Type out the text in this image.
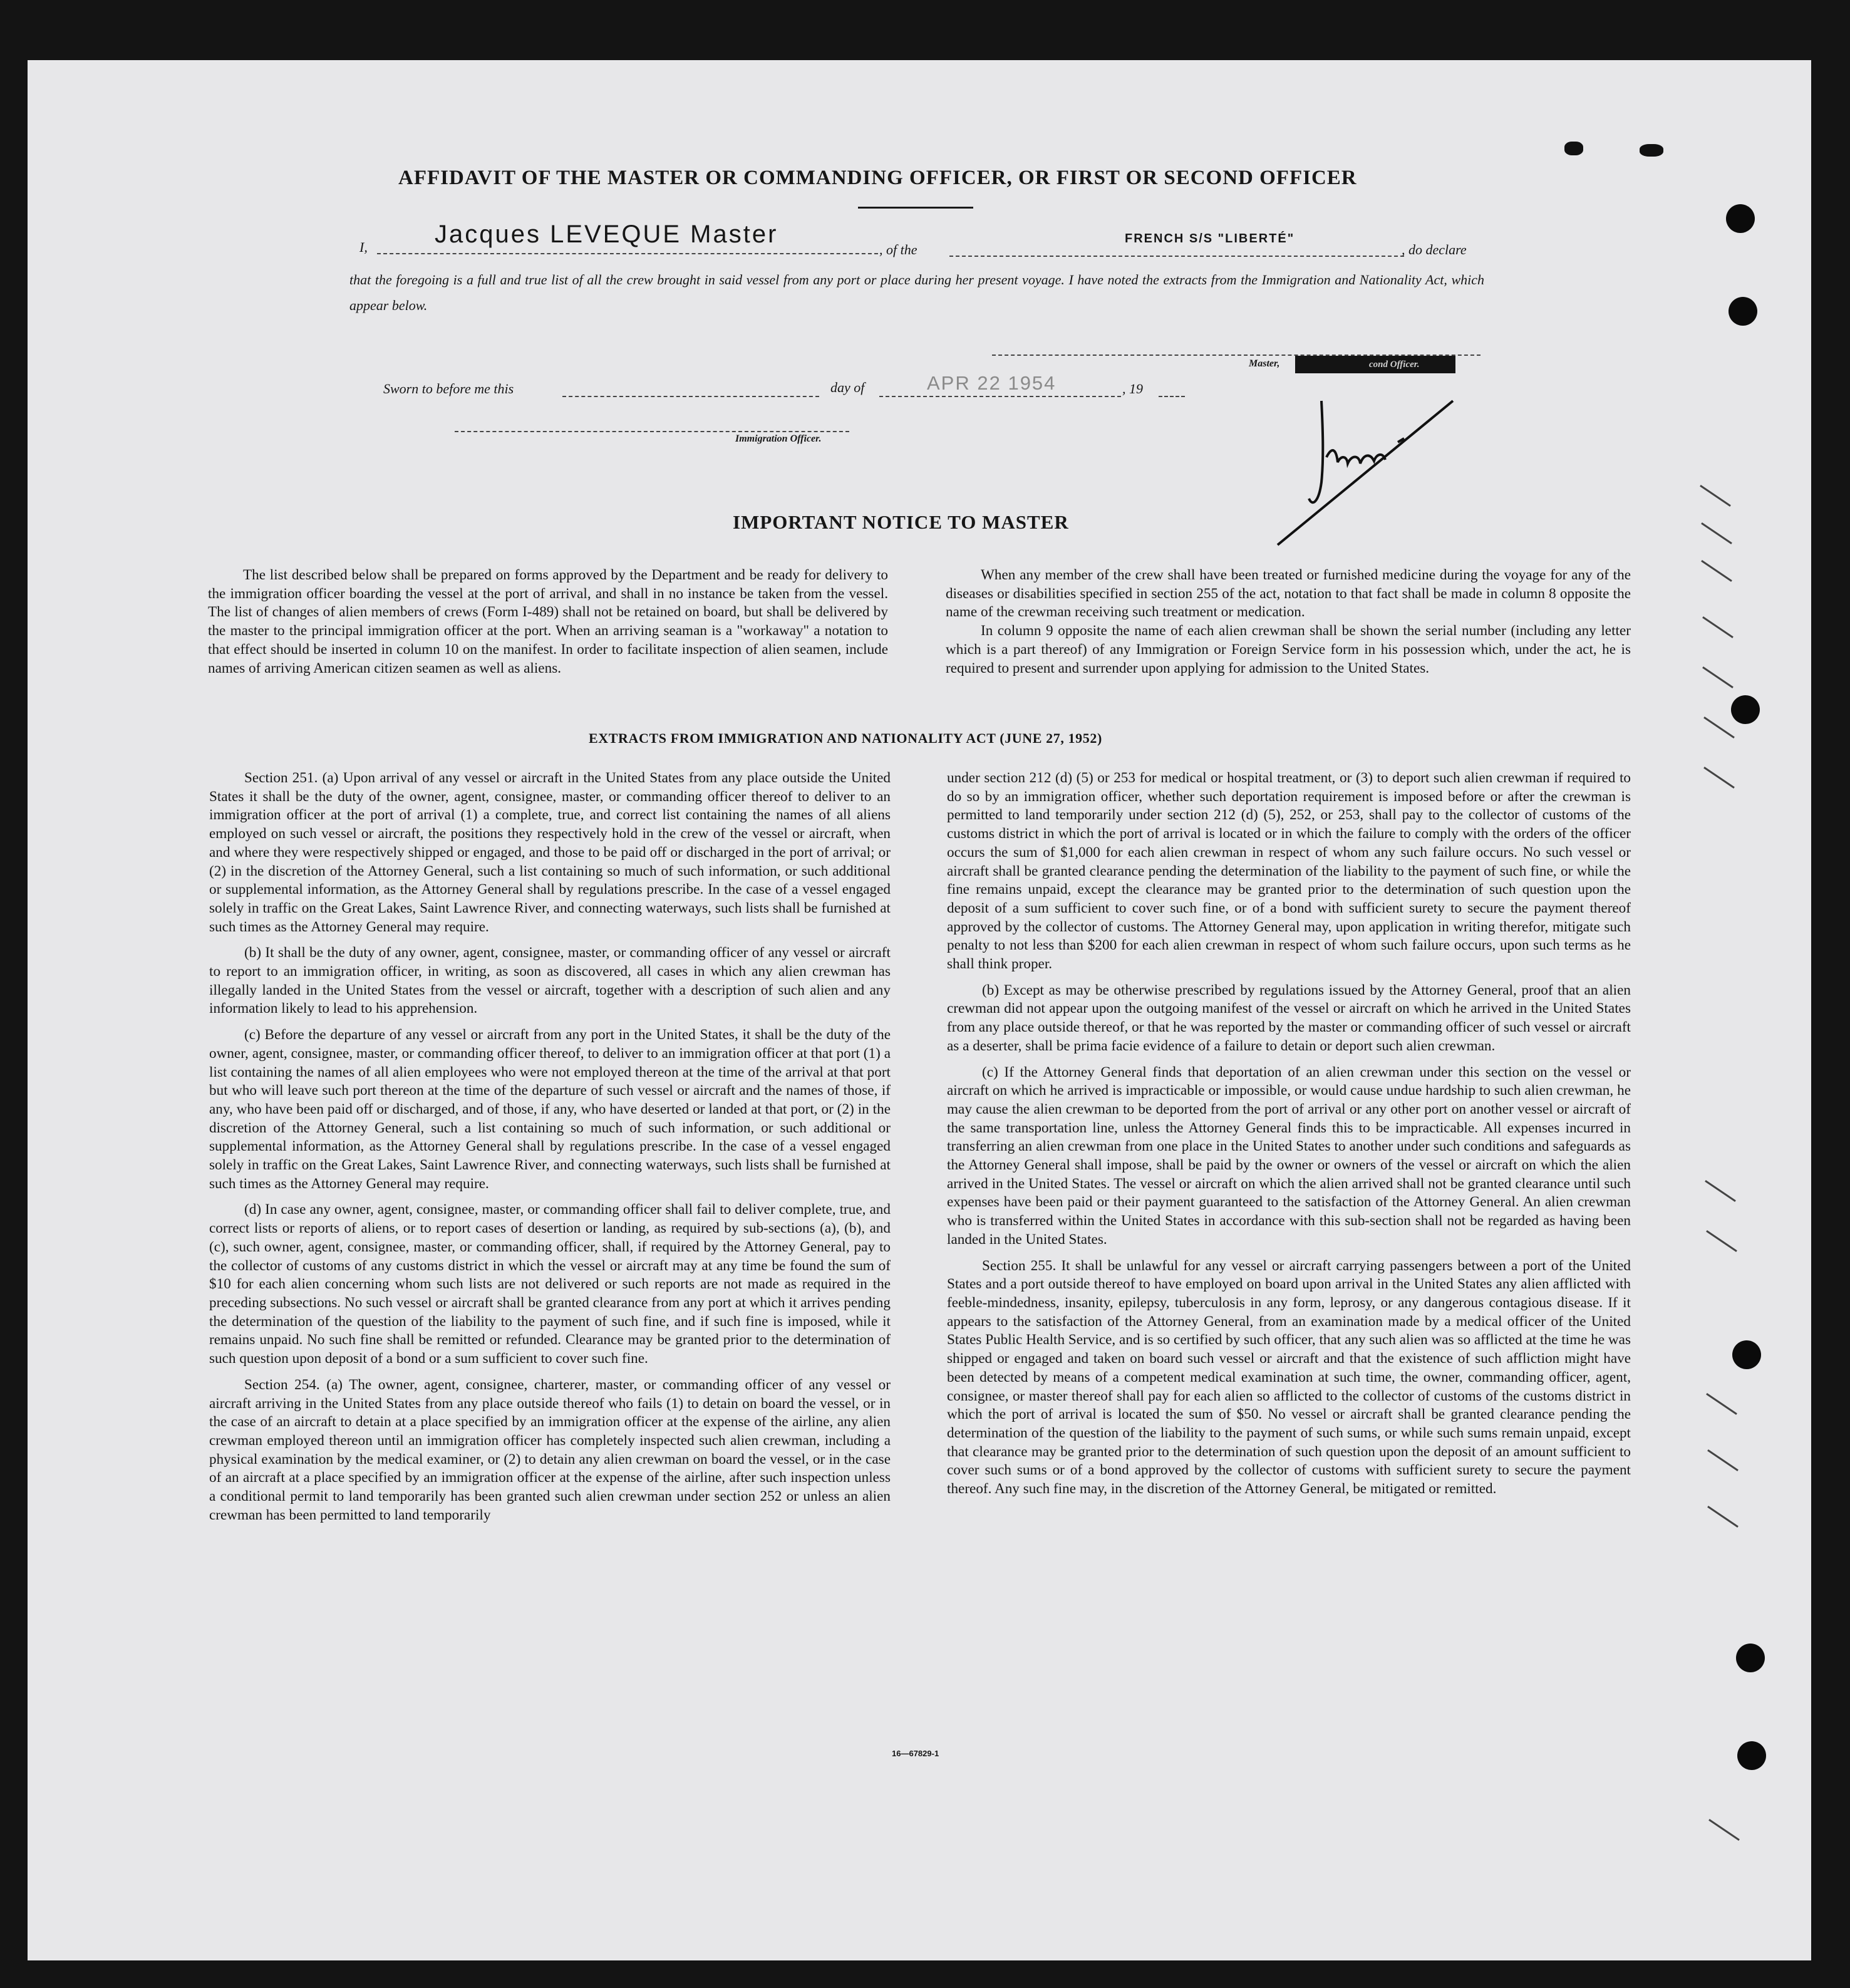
AFFIDAVIT OF THE MASTER OR COMMANDING OFFICER, OR FIRST OR SECOND OFFICER
I,	Jacques LEVEQUE Master
, of the
FRENCH S/S "LIBERTÉ"
, do declare
that the foregoing is a full and true list of all the crew brought in said vessel from any port or place during her present voyage. I have noted the extracts from the Immigration and Nationality Act, which appear below.
Master,	cond Officer.
Sworn to before me this	day of	APR 22 1954	, 19
Immigration Officer.
IMPORTANT NOTICE TO MASTER

The list described below shall be prepared on forms approved by the Department and be ready for delivery to the immigration officer boarding the vessel at the port of arrival, and shall in no instance be taken from the vessel. The list of changes of alien members of crews (Form I-489) shall not be retained on board, but shall be delivered by the master to the principal immigration officer at the port. When an arriving seaman is a "workaway" a notation to that effect should be inserted in column 10 on the manifest. In order to facilitate inspection of alien seamen, include names of arriving American citizen seamen as well as aliens.

When any member of the crew shall have been treated or furnished medicine during the voyage for any of the diseases or disabilities specified in section 255 of the act, notation to that fact shall be made in column 8 opposite the name of the crewman receiving such treatment or medication.

In column 9 opposite the name of each alien crewman shall be shown the serial number (including any letter which is a part thereof) of any Immigration or Foreign Service form in his possession which, under the act, he is required to present and surrender upon applying for admission to the United States.

EXTRACTS FROM IMMIGRATION AND NATIONALITY ACT (JUNE 27, 1952)

Section 251. (a) Upon arrival of any vessel or aircraft in the United States from any place outside the United States it shall be the duty of the owner, agent, consignee, master, or commanding officer thereof to deliver to an immigration officer at the port of arrival (1) a complete, true, and correct list containing the names of all aliens employed on such vessel or aircraft, the positions they respectively hold in the crew of the vessel or aircraft, when and where they were respectively shipped or engaged, and those to be paid off or discharged in the port of arrival; or (2) in the discretion of the Attorney General, such a list containing so much of such information, or such additional or supplemental information, as the Attorney General shall by regulations prescribe. In the case of a vessel engaged solely in traffic on the Great Lakes, Saint Lawrence River, and connecting waterways, such lists shall be furnished at such times as the Attorney General may require.

(b) It shall be the duty of any owner, agent, consignee, master, or commanding officer of any vessel or aircraft to report to an immigration officer, in writing, as soon as discovered, all cases in which any alien crewman has illegally landed in the United States from the vessel or aircraft, together with a description of such alien and any information likely to lead to his apprehension.

(c) Before the departure of any vessel or aircraft from any port in the United States, it shall be the duty of the owner, agent, consignee, master, or commanding officer thereof, to deliver to an immigration officer at that port (1) a list containing the names of all alien employees who were not employed thereon at the time of the arrival at that port but who will leave such port thereon at the time of the departure of such vessel or aircraft and the names of those, if any, who have been paid off or discharged, and of those, if any, who have deserted or landed at that port, or (2) in the discretion of the Attorney General, such a list containing so much of such information, or such additional or supplemental information, as the Attorney General shall by regulations prescribe. In the case of a vessel engaged solely in traffic on the Great Lakes, Saint Lawrence River, and connecting waterways, such lists shall be furnished at such times as the Attorney General may require.

(d) In case any owner, agent, consignee, master, or commanding officer shall fail to deliver complete, true, and correct lists or reports of aliens, or to report cases of desertion or landing, as required by sub-sections (a), (b), and (c), such owner, agent, consignee, master, or commanding officer, shall, if required by the Attorney General, pay to the collector of customs of any customs district in which the vessel or aircraft may at any time be found the sum of $10 for each alien concerning whom such lists are not delivered or such reports are not made as required in the preceding subsections. No such vessel or aircraft shall be granted clearance from any port at which it arrives pending the determination of the question of the liability to the payment of such fine, and if such fine is imposed, while it remains unpaid. No such fine shall be remitted or refunded. Clearance may be granted prior to the determination of such question upon deposit of a bond or a sum sufficient to cover such fine.

Section 254. (a) The owner, agent, consignee, charterer, master, or commanding officer of any vessel or aircraft arriving in the United States from any place outside thereof who fails (1) to detain on board the vessel, or in the case of an aircraft to detain at a place specified by an immigration officer at the expense of the airline, any alien crewman employed thereon until an immigration officer has completely inspected such alien crewman, including a physical examination by the medical examiner, or (2) to detain any alien crewman on board the vessel, or in the case of an aircraft at a place specified by an immigration officer at the expense of the airline, after such inspection unless a conditional permit to land temporarily has been granted such alien crewman under section 252 or unless an alien crewman has been permitted to land temporarily

under section 212 (d) (5) or 253 for medical or hospital treatment, or (3) to deport such alien crewman if required to do so by an immigration officer, whether such deportation requirement is imposed before or after the crewman is permitted to land temporarily under section 212 (d) (5), 252, or 253, shall pay to the collector of customs of the customs district in which the port of arrival is located or in which the failure to comply with the orders of the officer occurs the sum of $1,000 for each alien crewman in respect of whom any such failure occurs. No such vessel or aircraft shall be granted clearance pending the determination of the liability to the payment of such fine, or while the fine remains unpaid, except the clearance may be granted prior to the determination of such question upon the deposit of a sum sufficient to cover such fine, or of a bond with sufficient surety to secure the payment thereof approved by the collector of customs. The Attorney General may, upon application in writing therefor, mitigate such penalty to not less than $200 for each alien crewman in respect of whom such failure occurs, upon such terms as he shall think proper.

(b) Except as may be otherwise prescribed by regulations issued by the Attorney General, proof that an alien crewman did not appear upon the outgoing manifest of the vessel or aircraft on which he arrived in the United States from any place outside thereof, or that he was reported by the master or commanding officer of such vessel or aircraft as a deserter, shall be prima facie evidence of a failure to detain or deport such alien crewman.

(c) If the Attorney General finds that deportation of an alien crewman under this section on the vessel or aircraft on which he arrived is impracticable or impossible, or would cause undue hardship to such alien crewman, he may cause the alien crewman to be deported from the port of arrival or any other port on another vessel or aircraft of the same transportation line, unless the Attorney General finds this to be impracticable. All expenses incurred in transferring an alien crewman from one place in the United States to another under such conditions and safeguards as the Attorney General shall impose, shall be paid by the owner or owners of the vessel or aircraft on which the alien arrived in the United States. The vessel or aircraft on which the alien arrived shall not be granted clearance until such expenses have been paid or their payment guaranteed to the satisfaction of the Attorney General. An alien crewman who is transferred within the United States in accordance with this sub-section shall not be regarded as having been landed in the United States.

Section 255. It shall be unlawful for any vessel or aircraft carrying passengers between a port of the United States and a port outside thereof to have employed on board upon arrival in the United States any alien afflicted with feeble-mindedness, insanity, epilepsy, tuberculosis in any form, leprosy, or any dangerous contagious disease. If it appears to the satisfaction of the Attorney General, from an examination made by a medical officer of the United States Public Health Service, and is so certified by such officer, that any such alien was so afflicted at the time he was shipped or engaged and taken on board such vessel or aircraft and that the existence of such affliction might have been detected by means of a competent medical examination at such time, the owner, commanding officer, agent, consignee, or master thereof shall pay for each alien so afflicted to the collector of customs of the customs district in which the port of arrival is located the sum of $50. No vessel or aircraft shall be granted clearance pending the determination of the question of the liability to the payment of such sums, or while such sums remain unpaid, except that clearance may be granted prior to the determination of such question upon the deposit of an amount sufficient to cover such sums or of a bond approved by the collector of customs with sufficient surety to secure the payment thereof. Any such fine may, in the discretion of the Attorney General, be mitigated or remitted.

16—67829-1
